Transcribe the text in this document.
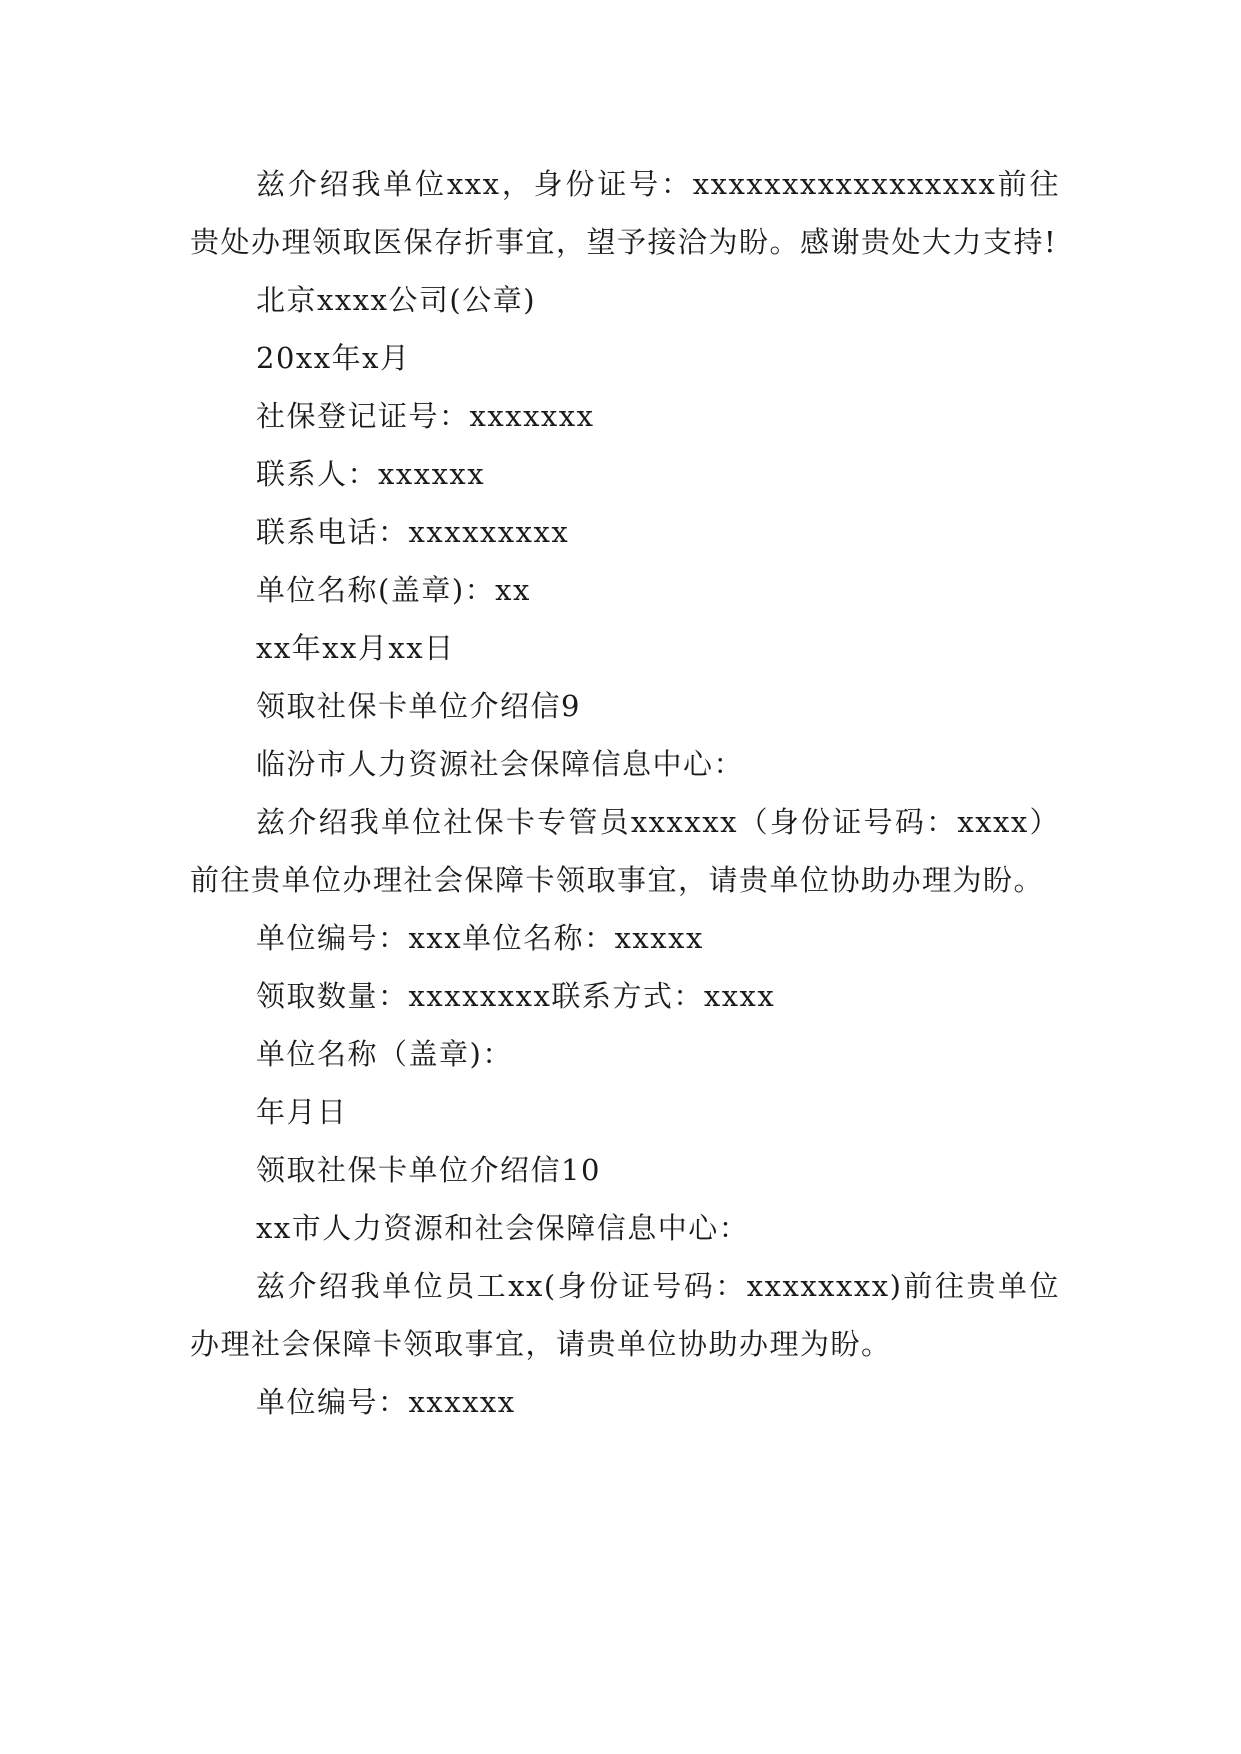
兹介绍我单位xxx，身份证号：xxxxxxxxxxxxxxxxx前往贵处办理领取医保存折事宜，望予接洽为盼。感谢贵处大力支持!

北京xxxx公司(公章)

20xx年x月

社保登记证号：xxxxxxx

联系人：xxxxxx

联系电话：xxxxxxxxx

单位名称(盖章)：xx

xx年xx月xx日

领取社保卡单位介绍信9

临汾市人力资源社会保障信息中心：

兹介绍我单位社保卡专管员xxxxxx（身份证号码：xxxx）前往贵单位办理社会保障卡领取事宜，请贵单位协助办理为盼。

单位编号：xxx单位名称：xxxxx

领取数量：xxxxxxxx联系方式：xxxx

单位名称（盖章)：

年月日

领取社保卡单位介绍信10

xx市人力资源和社会保障信息中心：

兹介绍我单位员工xx(身份证号码：xxxxxxxx)前往贵单位办理社会保障卡领取事宜，请贵单位协助办理为盼。

单位编号：xxxxxx
